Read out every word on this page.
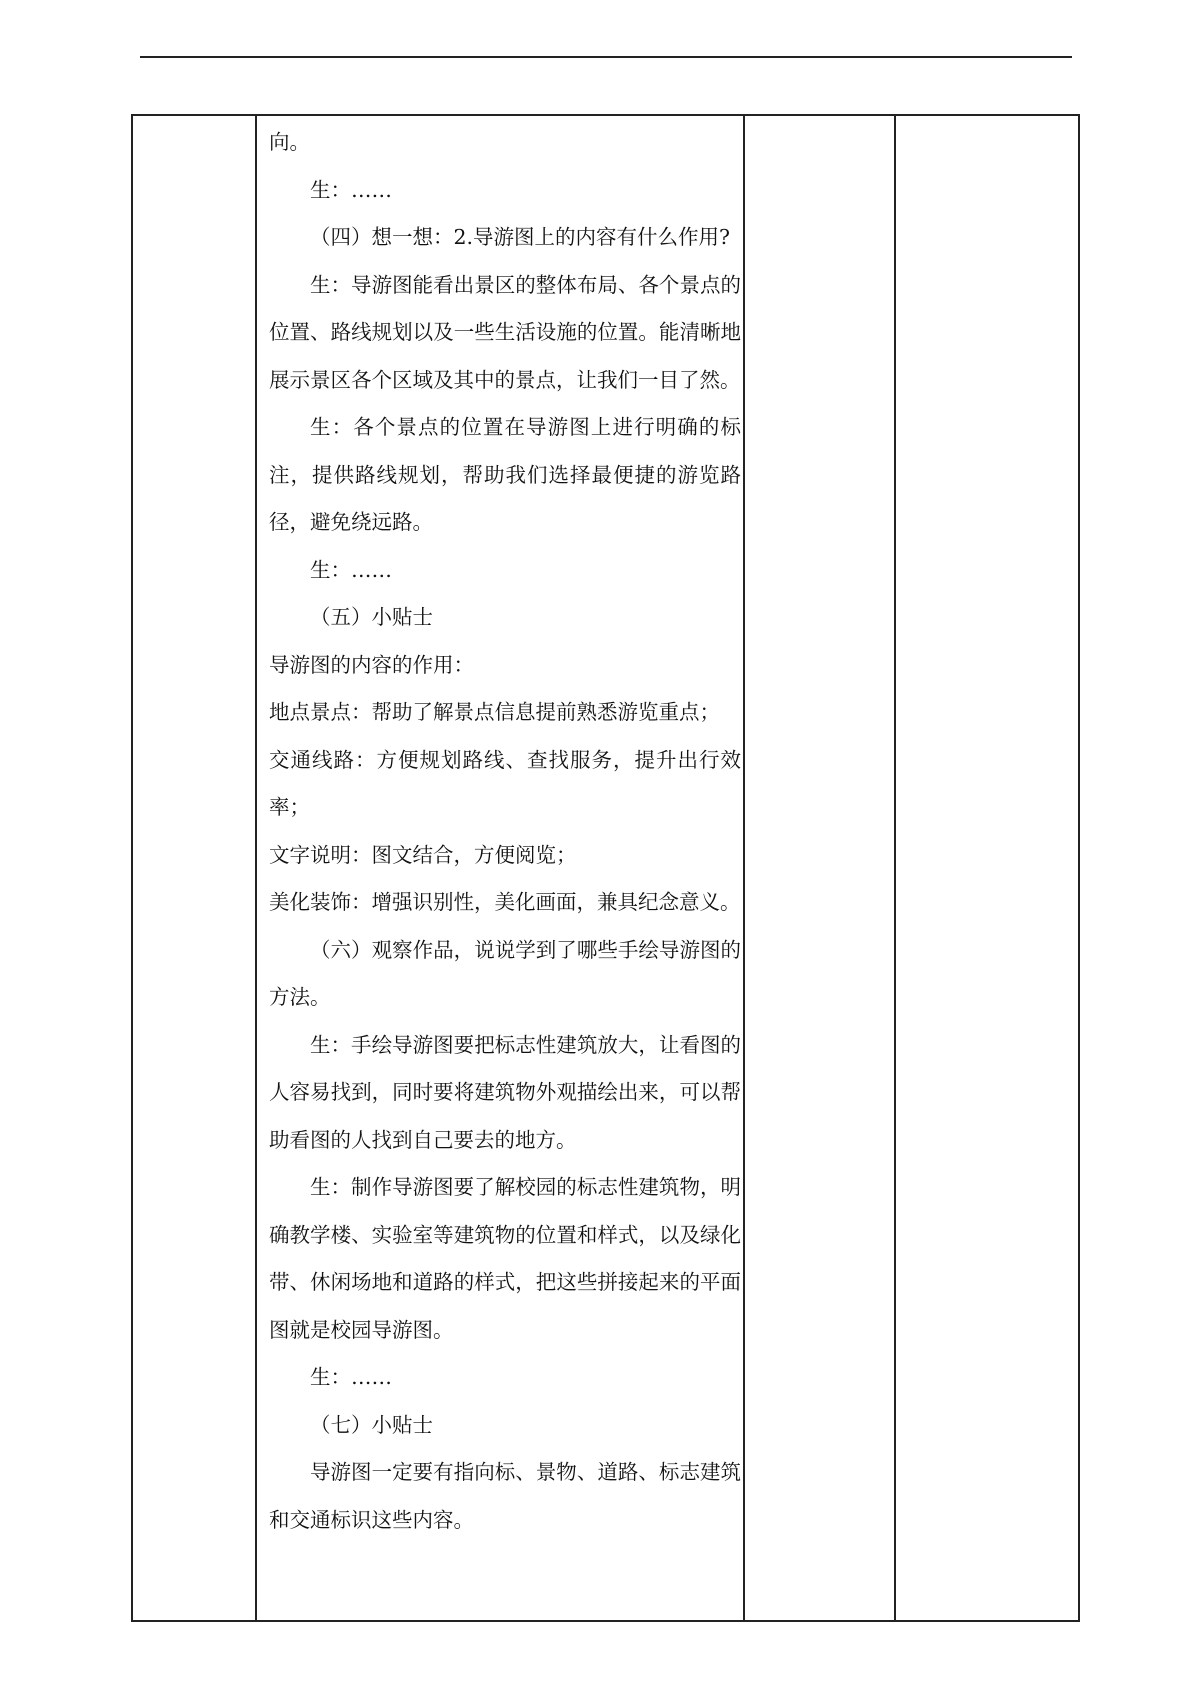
向。

生：……

（四）想一想：2.导游图上的内容有什么作用?

生：导游图能看出景区的整体布局、各个景点的位置、路线规划以及一些生活设施的位置。能清晰地展示景区各个区域及其中的景点，让我们一目了然。

生：各个景点的位置在导游图上进行明确的标注，提供路线规划，帮助我们选择最便捷的游览路径，避免绕远路。

生：……

（五）小贴士

导游图的内容的作用：

地点景点：帮助了解景点信息提前熟悉游览重点；

交通线路：方便规划路线、查找服务，提升出行效率；

文字说明：图文结合，方便阅览；

美化装饰：增强识别性，美化画面，兼具纪念意义。

（六）观察作品，说说学到了哪些手绘导游图的方法。

生：手绘导游图要把标志性建筑放大，让看图的人容易找到，同时要将建筑物外观描绘出来，可以帮助看图的人找到自己要去的地方。

生：制作导游图要了解校园的标志性建筑物，明确教学楼、实验室等建筑物的位置和样式，以及绿化带、休闲场地和道路的样式，把这些拼接起来的平面图就是校园导游图。

生：……

（七）小贴士

导游图一定要有指向标、景物、道路、标志建筑和交通标识这些内容。
